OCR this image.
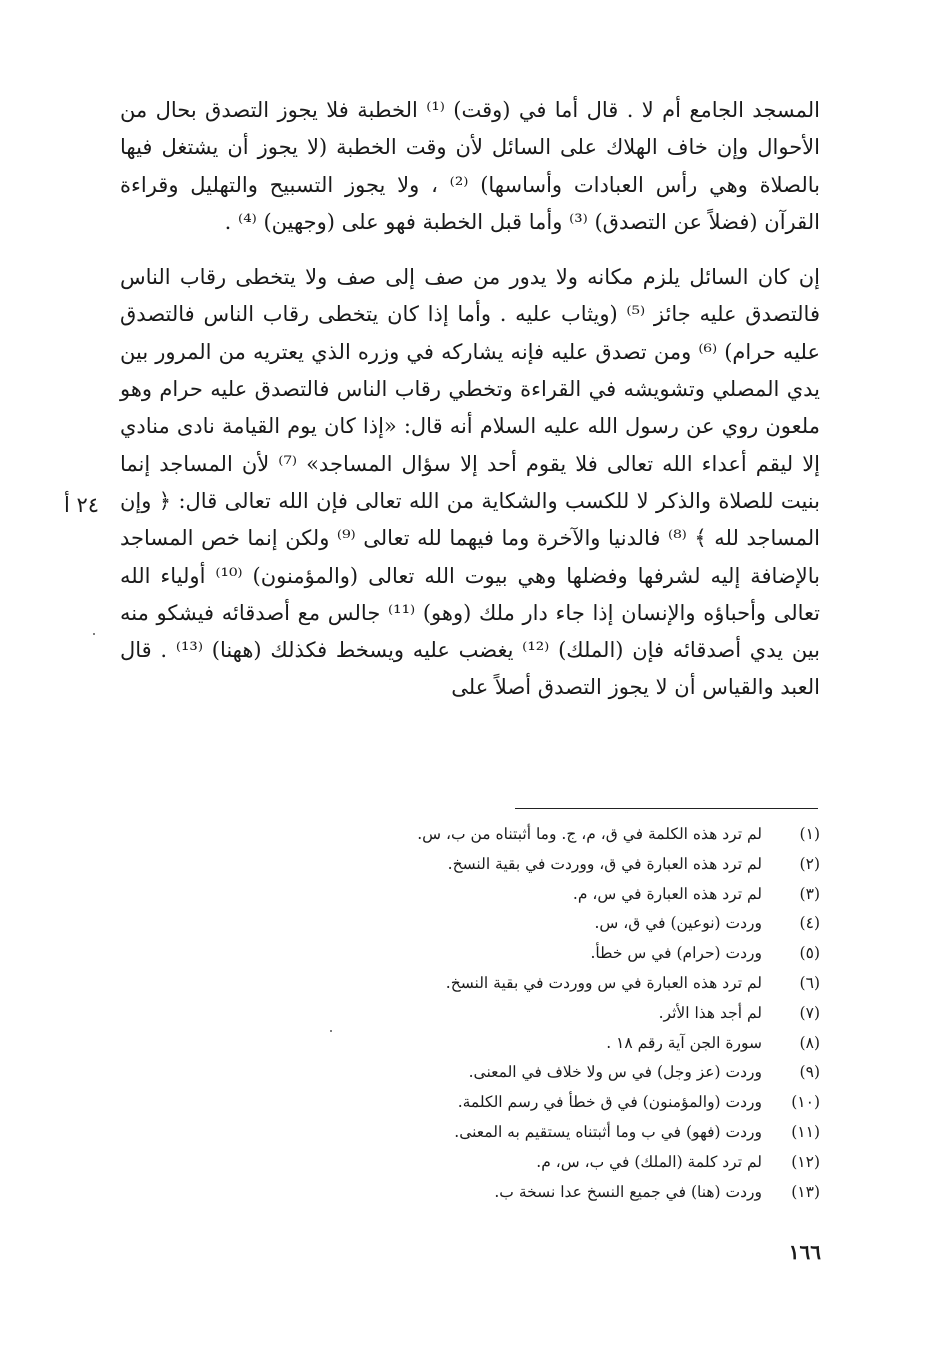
المسجد الجامع أم لا . قال أما في (وقت) ⁽¹⁾ الخطبة فلا يجوز التصدق بحال من الأحوال وإن خاف الهلاك على السائل لأن وقت الخطبة (لا يجوز أن يشتغل فيها بالصلاة وهي رأس العبادات وأساسها) ⁽²⁾ ، ولا يجوز التسبيح والتهليل وقراءة القرآن (فضلاً عن التصدق) ⁽³⁾ وأما قبل الخطبة فهو على (وجهين) ⁽⁴⁾ .

إن كان السائل يلزم مكانه ولا يدور من صف إلى صف ولا يتخطى رقاب الناس فالتصدق عليه جائز ⁽⁵⁾ (ويثاب عليه . وأما إذا كان يتخطى رقاب الناس فالتصدق عليه حرام) ⁽⁶⁾ ومن تصدق عليه فإنه يشاركه في وزره الذي يعتريه من المرور بين يدي المصلي وتشويشه في القراءة وتخطي رقاب الناس فالتصدق عليه حرام وهو ملعون روي عن رسول الله عليه السلام أنه قال: «إذا كان يوم القيامة نادى منادي إلا ليقم أعداء الله تعالى فلا يقوم أحد إلا سؤال المساجد» ⁽⁷⁾ لأن المساجد إنما بنيت للصلاة والذكر لا للكسب والشكاية من الله تعالى فإن الله تعالى قال: ﴿ وإن المساجد لله ﴾ ⁽⁸⁾ فالدنيا والآخرة وما فيهما لله تعالى ⁽⁹⁾ ولكن إنما خص المساجد بالإضافة إليه لشرفها وفضلها وهي بيوت الله تعالى (والمؤمنون) ⁽¹⁰⁾ أولياء الله تعالى وأحباؤه والإنسان إذا جاء دار ملك (وهو) ⁽¹¹⁾ جالس مع أصدقائه فيشكو منه بين يدي أصدقائه فإن (الملك) ⁽¹²⁾ يغضب عليه ويسخط فكذلك (ههنا) ⁽¹³⁾ . قال العبد والقياس أن لا يجوز التصدق أصلاً على

٢٤ أ
(١)
لم ترد هذه الكلمة في ق، م، ج. وما أثبتناه من ب، س.
(٢)
لم ترد هذه العبارة في ق، ووردت في بقية النسخ.
(٣)
لم ترد هذه العبارة في س، م.
(٤)
وردت (نوعين) في ق، س.
(٥)
وردت (حرام) في س خطأ.
(٦)
لم ترد هذه العبارة في س ووردت في بقية النسخ.
(٧)
لم أجد هذا الأثر.
(٨)
سورة الجن آية رقم ١٨ .
(٩)
وردت (عز وجل) في س ولا خلاف في المعنى.
(١٠)
وردت (والمؤمنون) في ق خطأ في رسم الكلمة.
(١١)
وردت (فهو) في ب وما أثبتناه يستقيم به المعنى.
(١٢)
لم ترد كلمة (الملك) في ب، س، م.
(١٣)
وردت (هنا) في جميع النسخ عدا نسخة ب.
١٦٦
